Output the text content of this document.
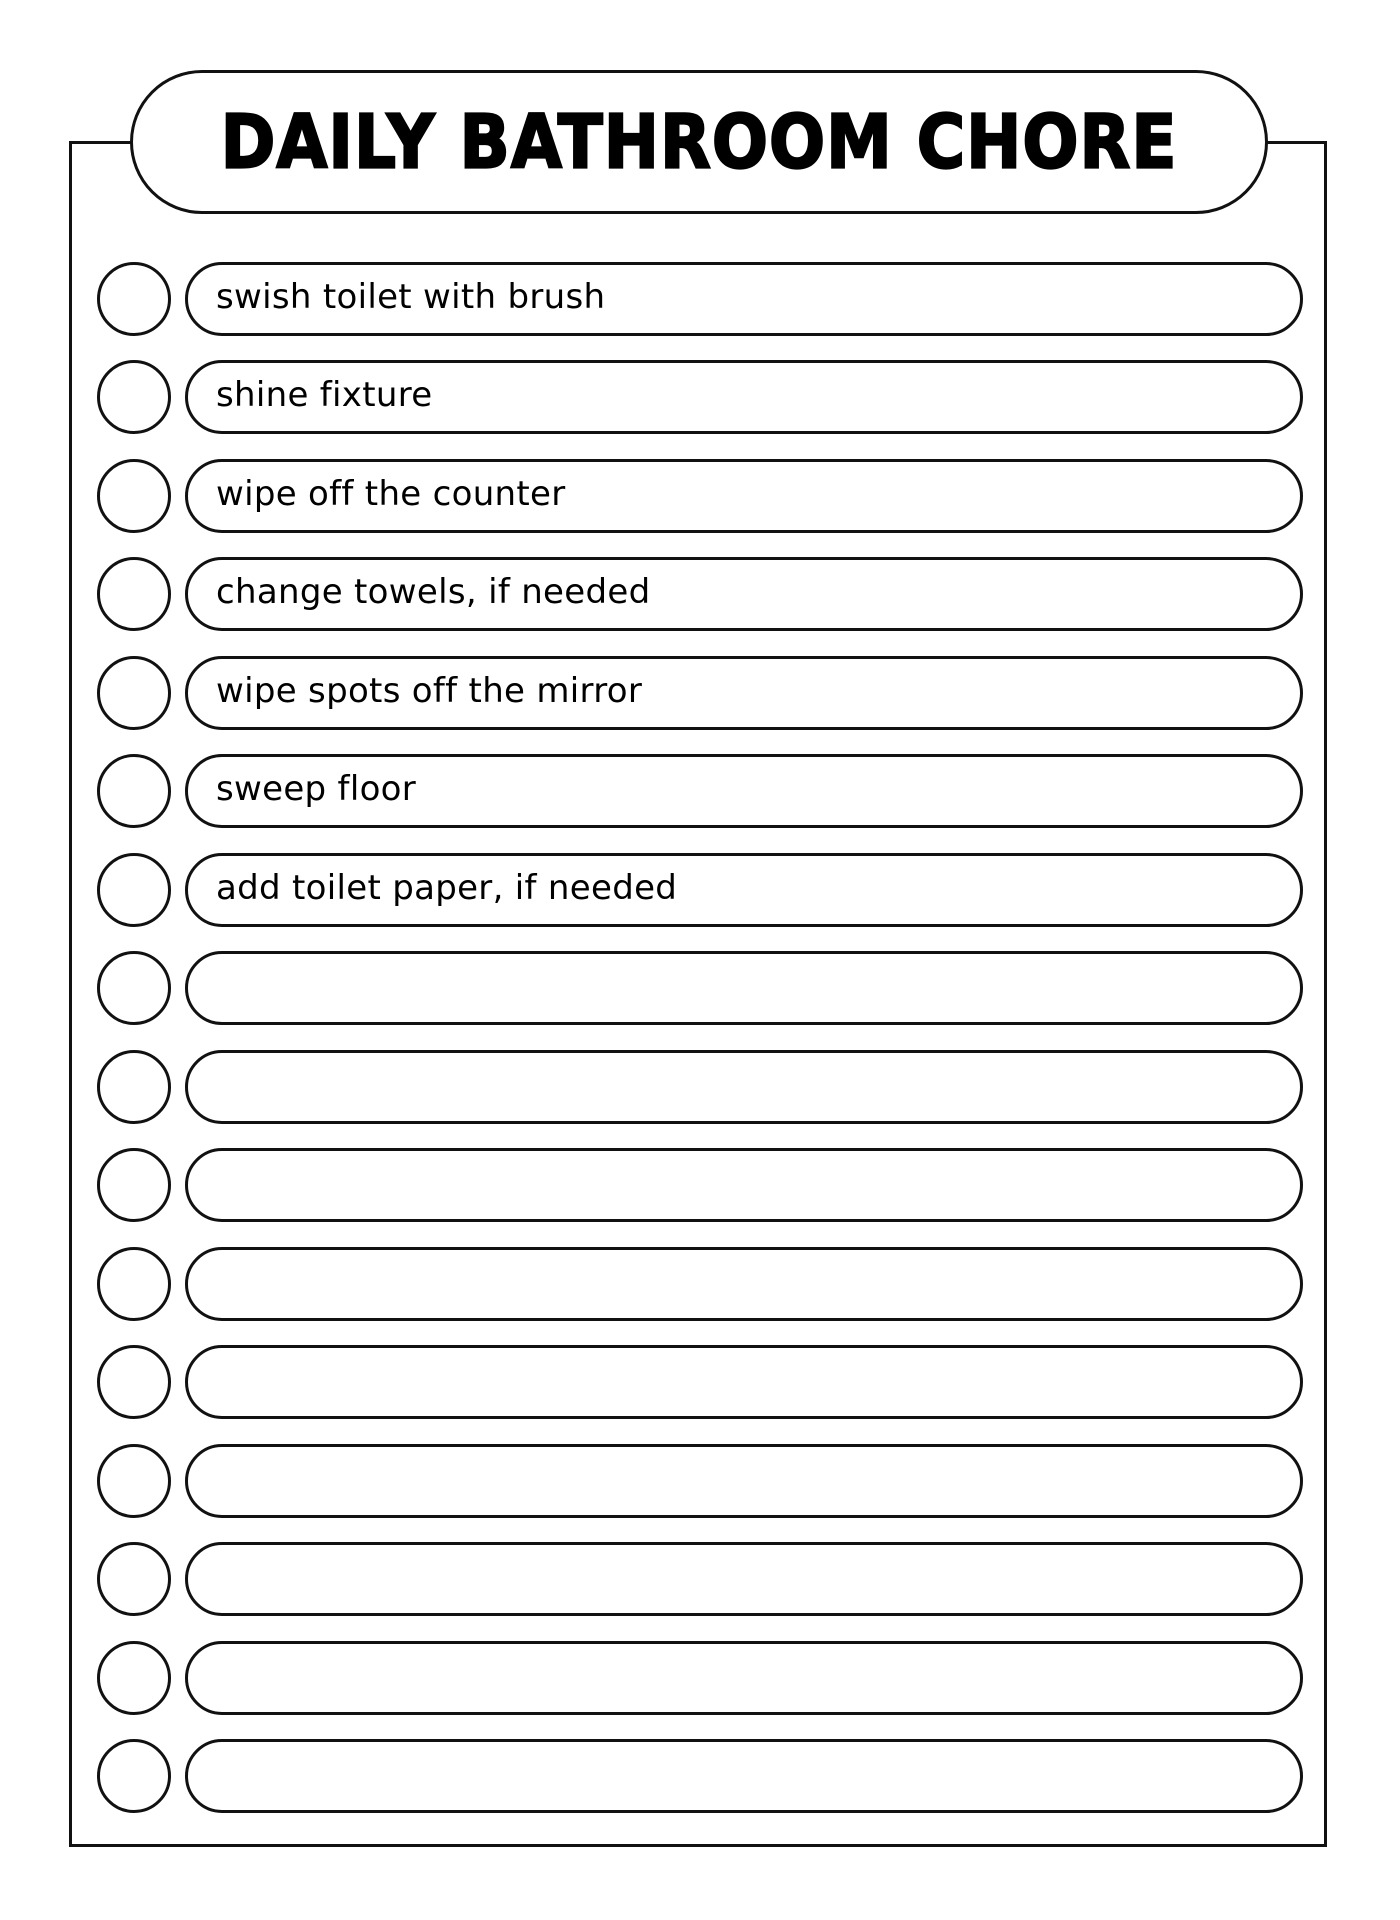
DAILY BATHROOM CHORE
swish toilet with brush
shine fixture
wipe off the counter
change towels, if needed
wipe spots off the mirror
sweep floor
add toilet paper, if needed
